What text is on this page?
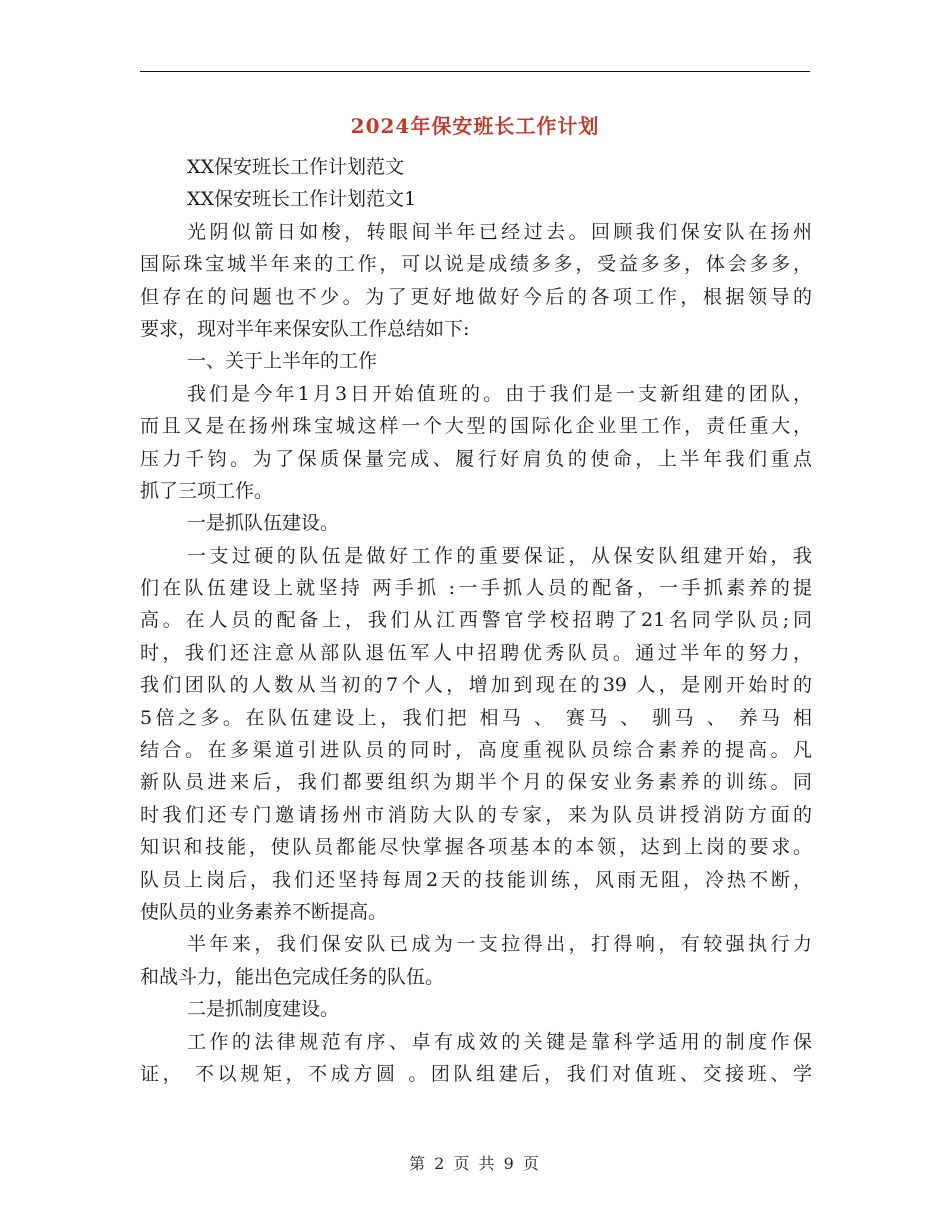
2024年保安班长工作计划
XX保安班长工作计划范文
XX保安班长工作计划范文1
光阴似箭日如梭，转眼间半年已经过去。回顾我们保安队在扬州
国际珠宝城半年来的工作，可以说是成绩多多，受益多多，体会多多，
但存在的问题也不少。为了更好地做好今后的各项工作，根据领导的
要求，现对半年来保安队工作总结如下:
一、关于上半年的工作
我们是今年1月3日开始值班的。由于我们是一支新组建的团队，
而且又是在扬州珠宝城这样一个大型的国际化企业里工作，责任重大，
压力千钧。为了保质保量完成、履行好肩负的使命，上半年我们重点
抓了三项工作。
一是抓队伍建设。
一支过硬的队伍是做好工作的重要保证，从保安队组建开始，我
们在队伍建设上就坚持 两手抓 :一手抓人员的配备，一手抓素养的提
高。在人员的配备上，我们从江西警官学校招聘了21名同学队员;同
时，我们还注意从部队退伍军人中招聘优秀队员。通过半年的努力，
我们团队的人数从当初的7个人，增加到现在的39 人，是刚开始时的
5倍之多。在队伍建设上，我们把 相马 、 赛马 、 驯马 、 养马 相
结合。在多渠道引进队员的同时，高度重视队员综合素养的提高。凡
新队员进来后，我们都要组织为期半个月的保安业务素养的训练。同
时我们还专门邀请扬州市消防大队的专家，来为队员讲授消防方面的
知识和技能，使队员都能尽快掌握各项基本的本领，达到上岗的要求。
队员上岗后，我们还坚持每周2天的技能训练，风雨无阻，冷热不断，
使队员的业务素养不断提高。
半年来，我们保安队已成为一支拉得出，打得响，有较强执行力
和战斗力，能出色完成任务的队伍。
二是抓制度建设。
工作的法律规范有序、卓有成效的关键是靠科学适用的制度作保
证， 不以规矩，不成方圆 。团队组建后，我们对值班、交接班、学
第 2 页 共 9 页
